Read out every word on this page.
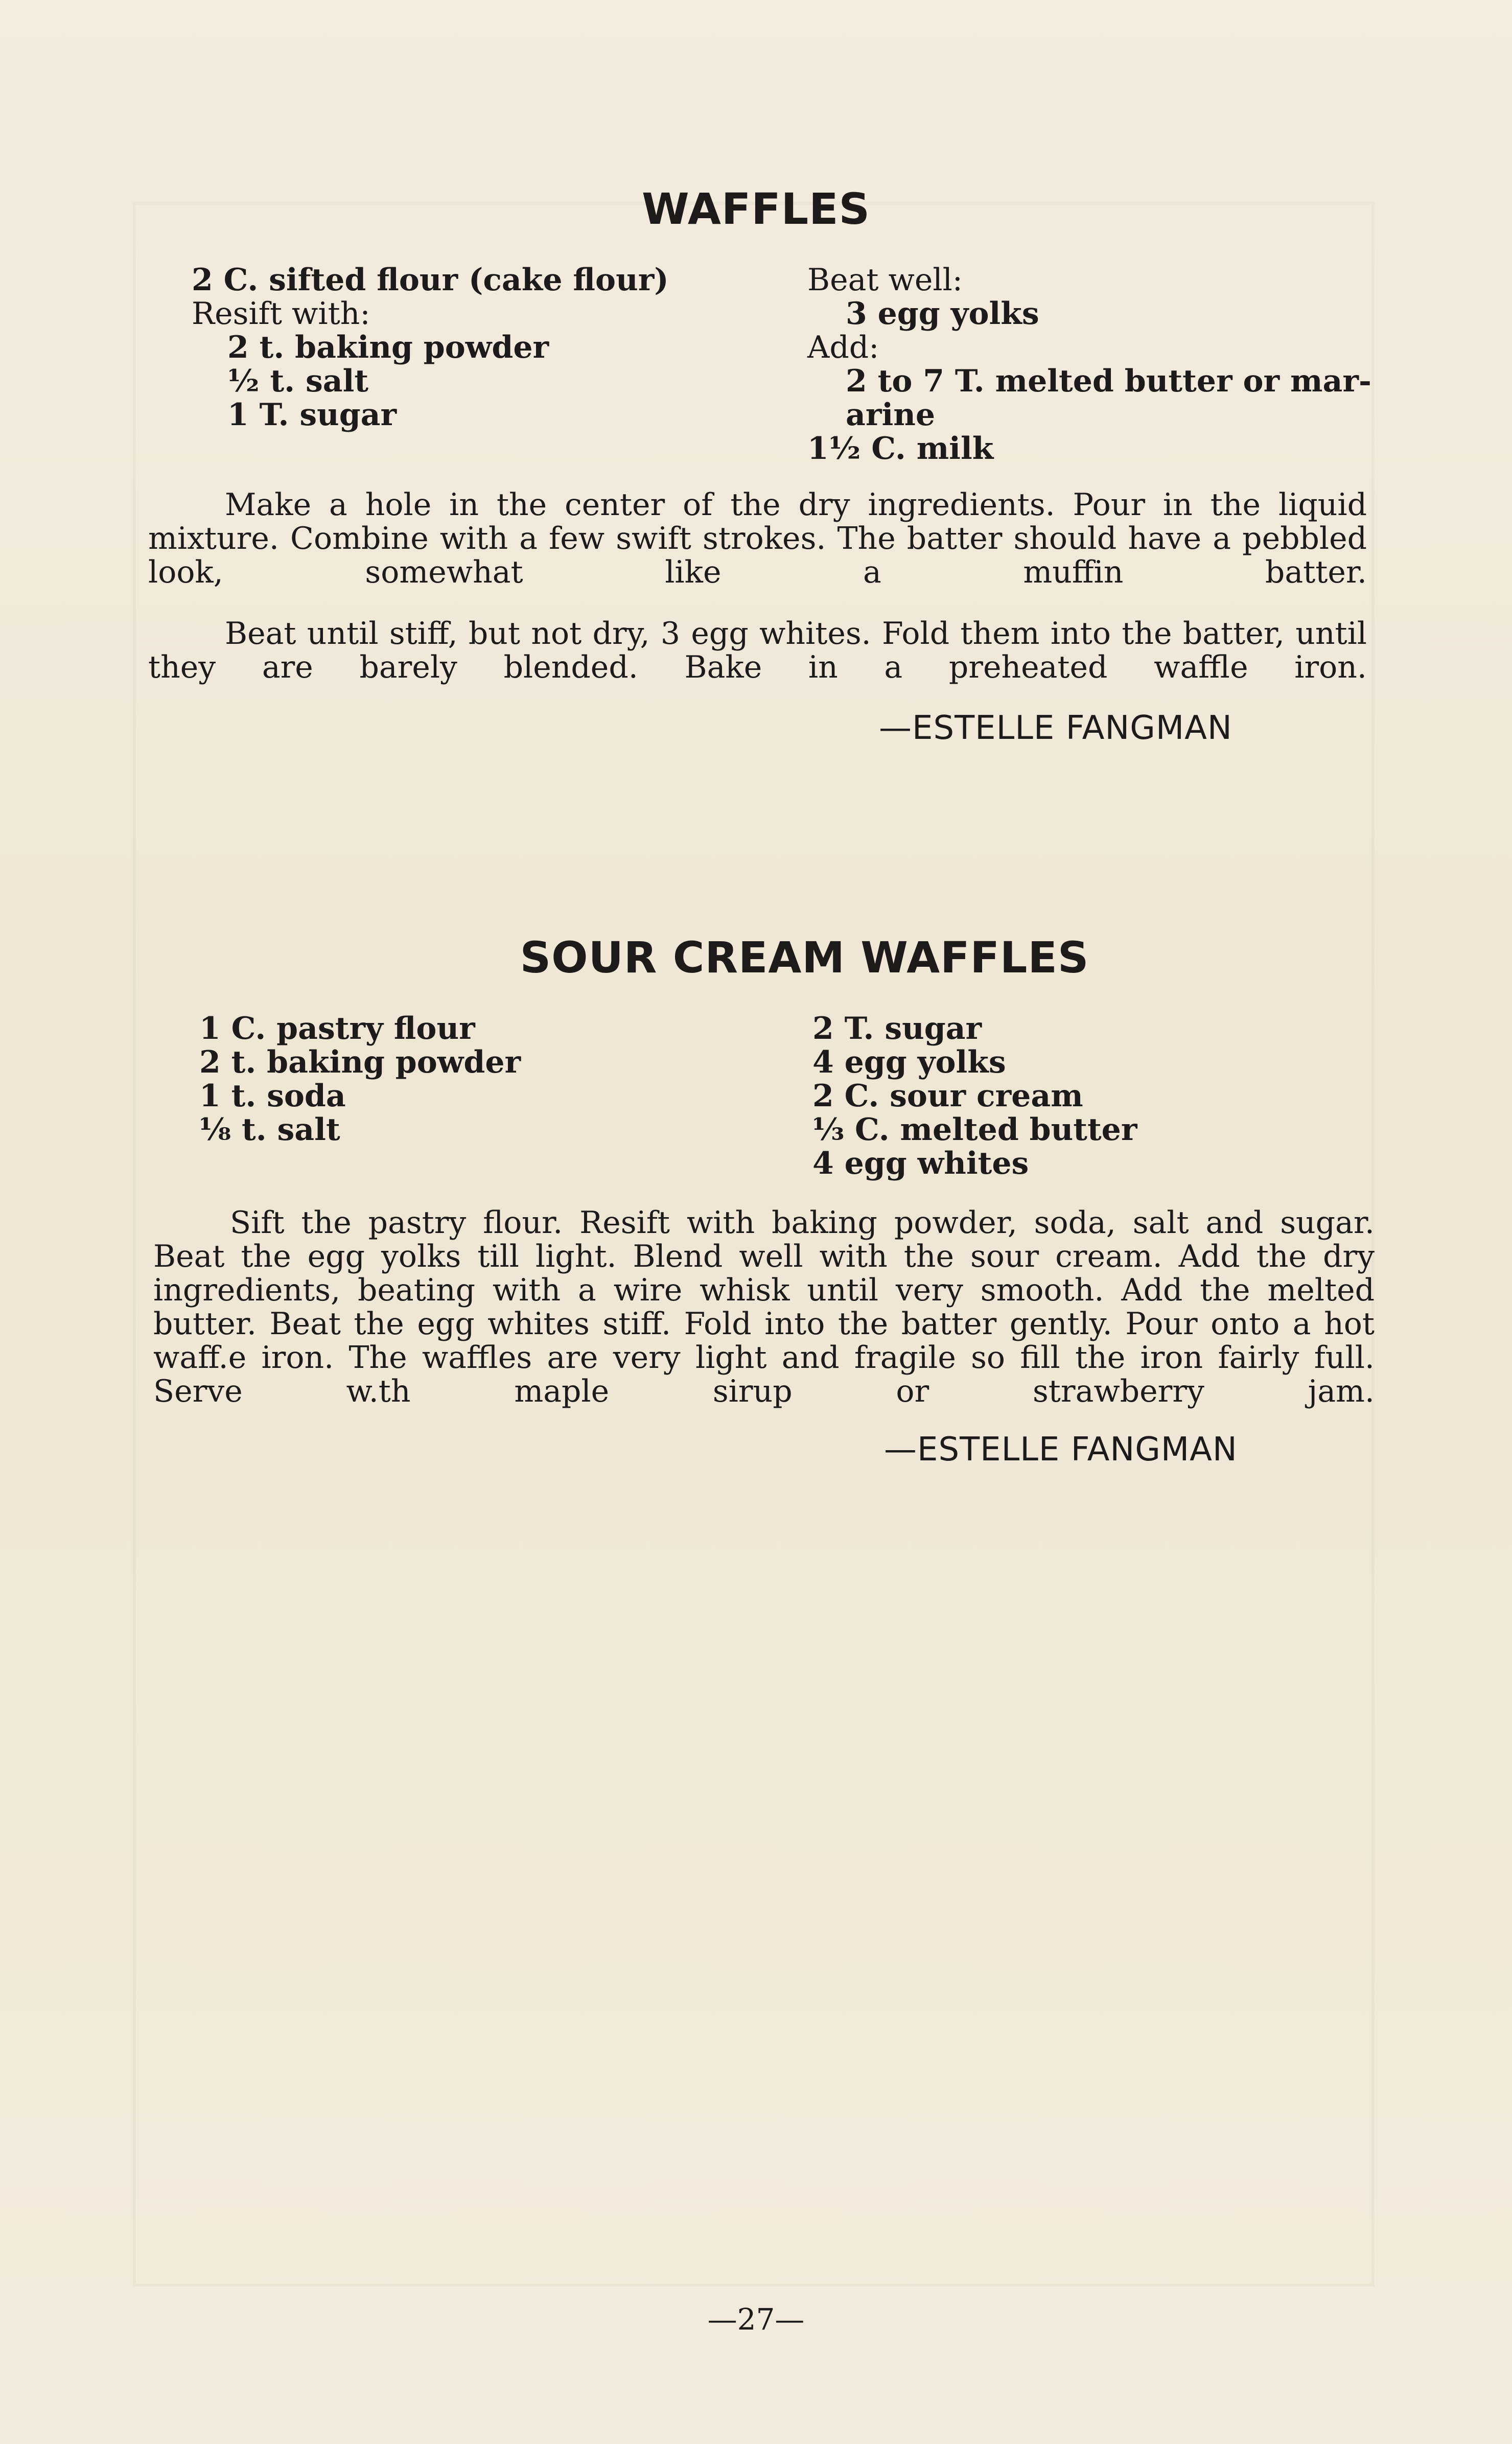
WAFFLES
2 C. sifted flour (cake flour)
Resift with:
2 t. baking powder
½ t. salt
1 T. sugar
Beat well:
3 egg yolks
Add:
2 to 7 T. melted butter or mar-
arine
1½ C. milk

Make a hole in the center of the dry ingredients. Pour in the liquid mixture. Combine with a few swift strokes. The batter should have a pebbled look, somewhat like a muffin batter.

Beat until stiff, but not dry, 3 egg whites. Fold them into the batter, until they are barely blended. Bake in a preheated waffle iron.

—ESTELLE FANGMAN

SOUR CREAM WAFFLES
1 C. pastry flour
2 t. baking powder
1 t. soda
⅛ t. salt
2 T. sugar
4 egg yolks
2 C. sour cream
⅓ C. melted butter
4 egg whites

Sift the pastry flour. Resift with baking powder, soda, salt and sugar. Beat the egg yolks till light. Blend well with the sour cream. Add the dry ingredients, beating with a wire whisk until very smooth. Add the melted butter. Beat the egg whites stiff. Fold into the batter gently. Pour onto a hot waff.e iron. The waffles are very light and fragile so fill the iron fairly full. Serve w.th maple sirup or strawberry jam.

—ESTELLE FANGMAN

—27—
